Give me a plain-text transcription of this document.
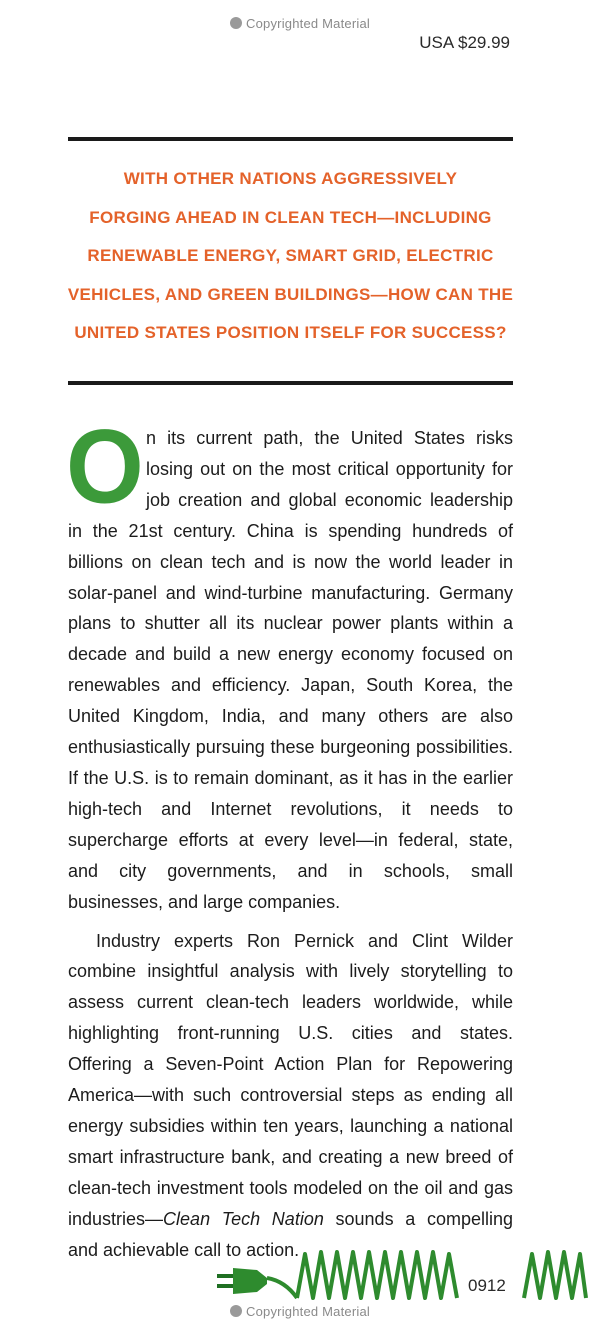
Copyrighted Material
USA $29.99
WITH OTHER NATIONS AGGRESSIVELY
FORGING AHEAD IN CLEAN TECH—INCLUDING
RENEWABLE ENERGY, SMART GRID, ELECTRIC
VEHICLES, AND GREEN BUILDINGS—HOW CAN THE
UNITED STATES POSITION ITSELF FOR SUCCESS?

On its current path, the United States risks losing out on the most critical opportunity for job creation and global economic leadership in the 21st century. China is spending hundreds of billions on clean tech and is now the world leader in solar-panel and wind-turbine manufacturing. Germany plans to shutter all its nuclear power plants within a decade and build a new energy economy focused on renewables and efficiency. Japan, South Korea, the United Kingdom, India, and many others are also enthusiastically pursuing these burgeoning possibilities. If the U.S. is to remain dominant, as it has in the earlier high-tech and Internet revolutions, it needs to supercharge efforts at every level—in federal, state, and city governments, and in schools, small businesses, and large companies.

Industry experts Ron Pernick and Clint Wilder combine insightful analysis with lively storytelling to assess current clean-tech leaders worldwide, while highlighting front-running U.S. cities and states. Offering a Seven-Point Action Plan for Repowering America—with such controversial steps as ending all energy subsidies within ten years, launching a national smart infrastructure bank, and creating a new breed of clean-tech investment tools modeled on the oil and gas industries—Clean Tech Nation sounds a compelling and achievable call to action.

0912
Copyrighted Material
